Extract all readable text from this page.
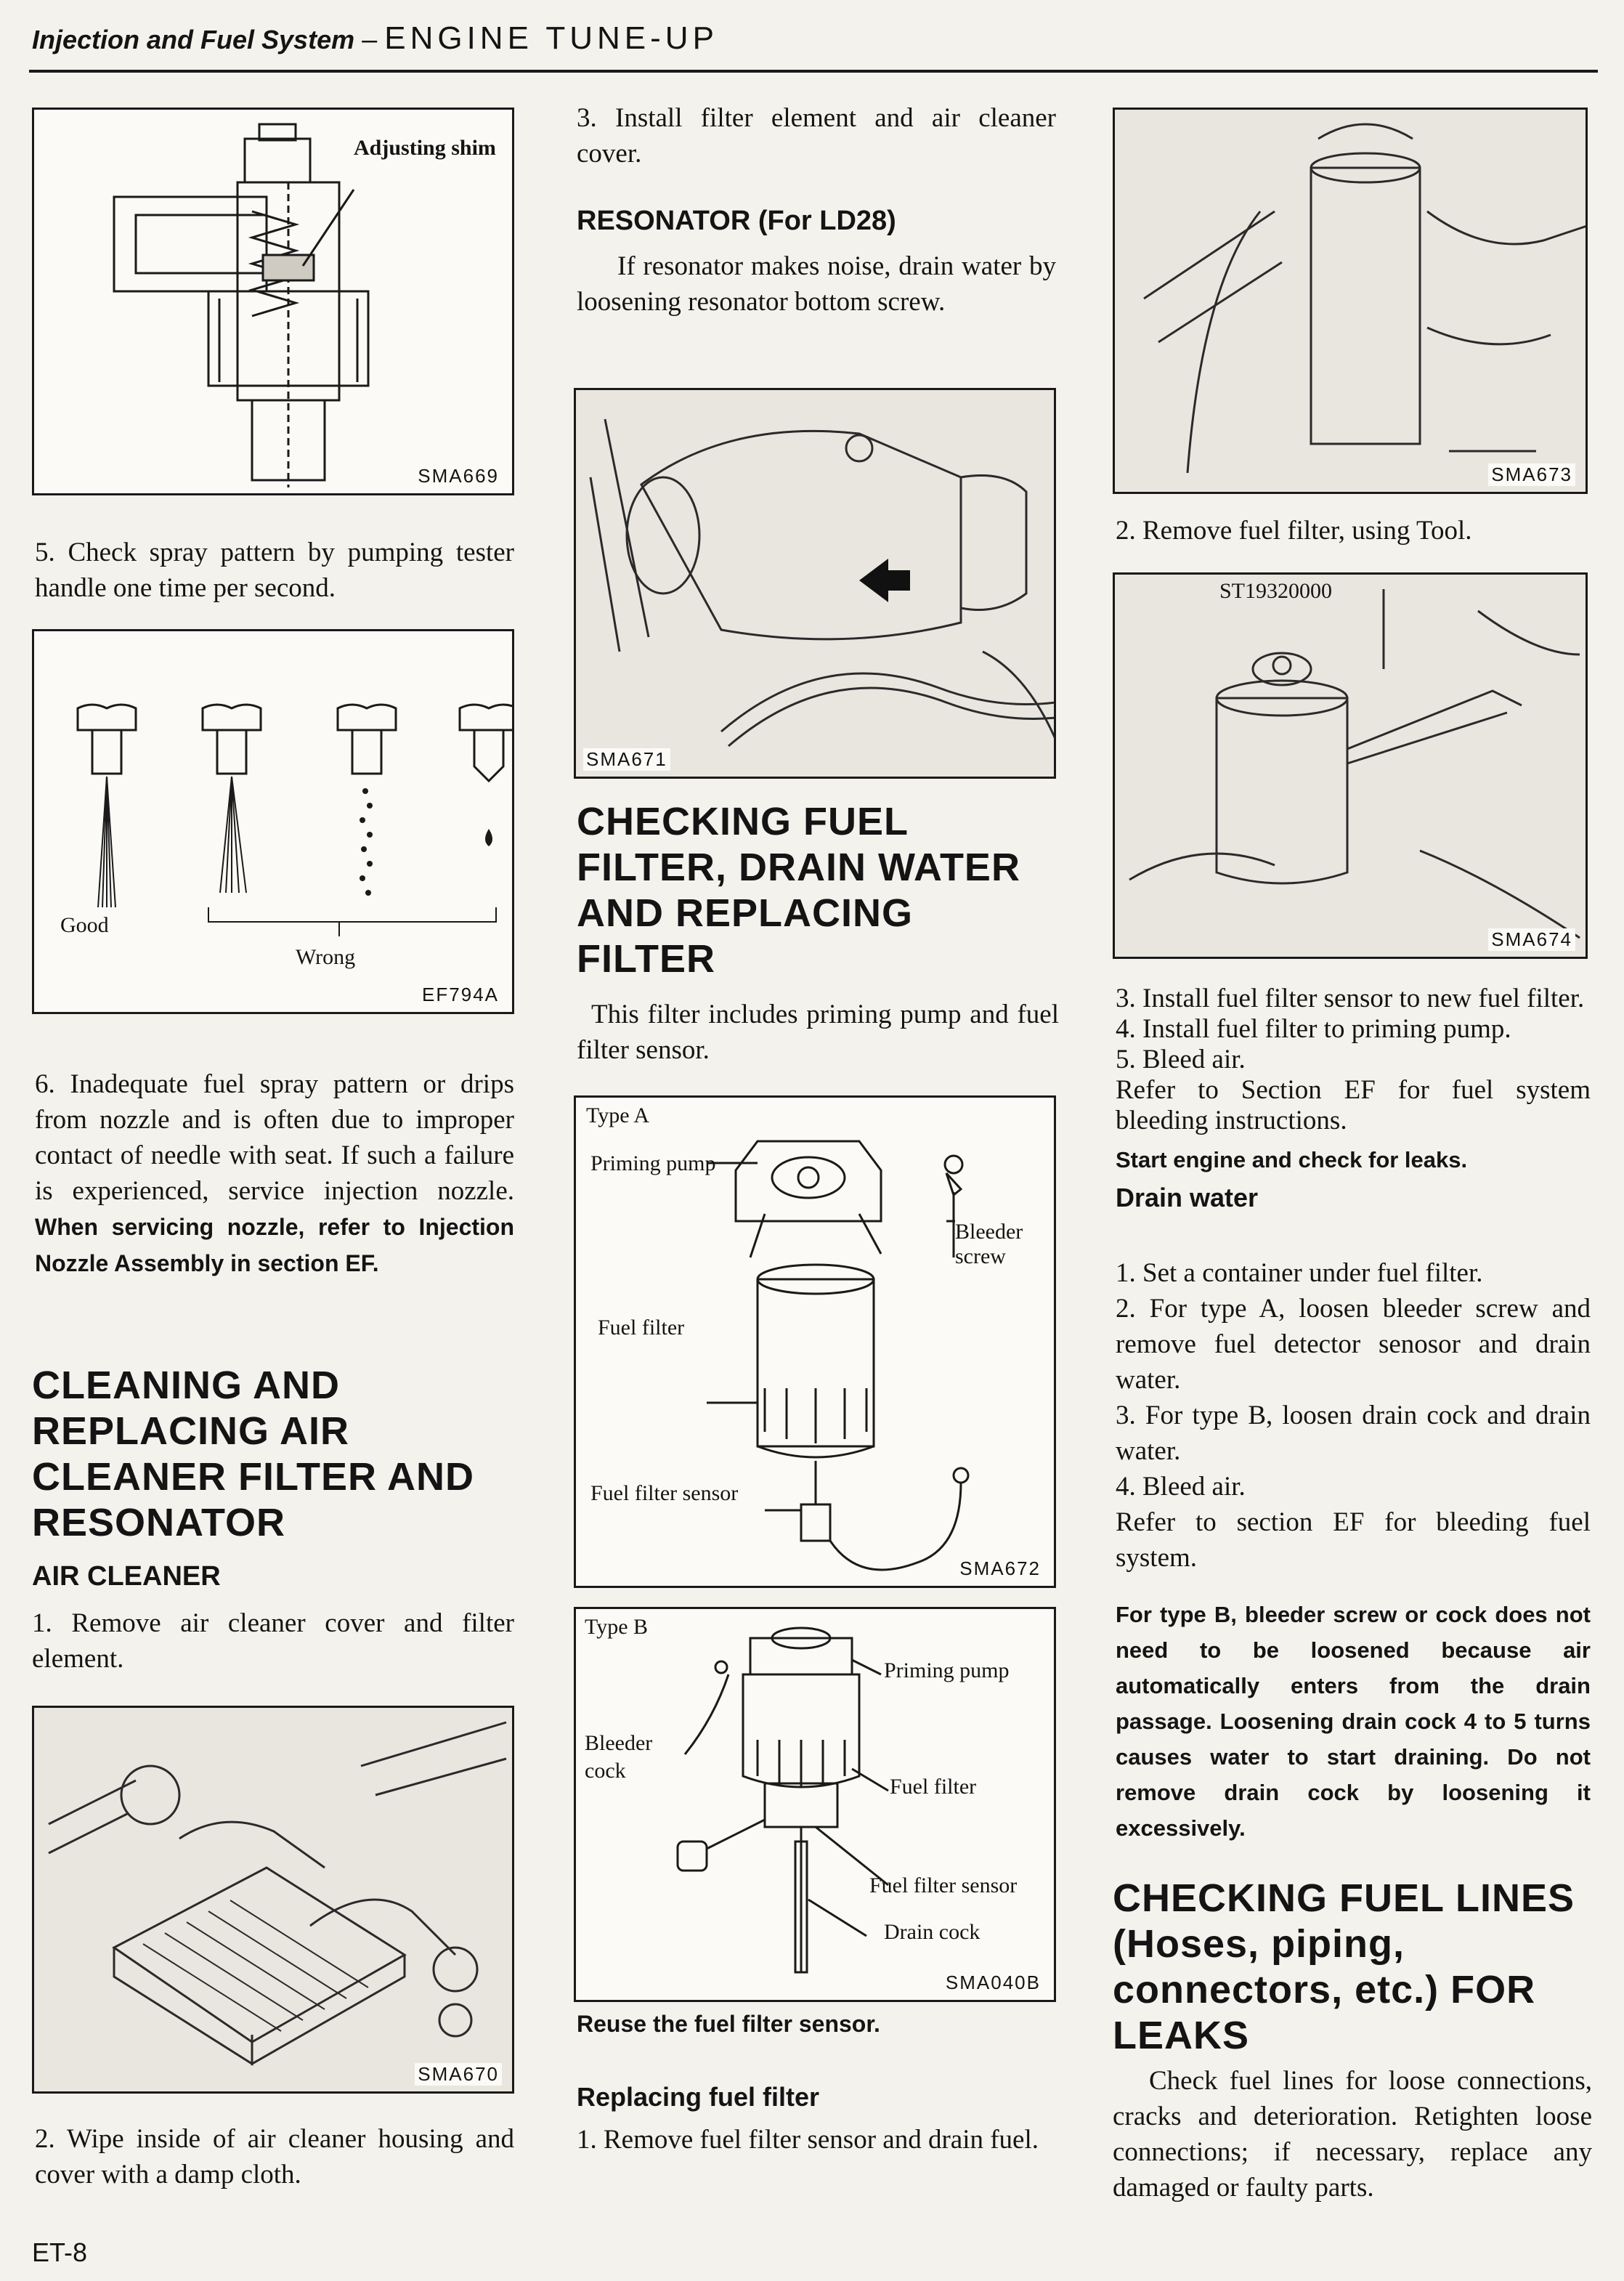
Injection and Fuel System – ENGINE TUNE-UP
Adjusting shim
SMA669

5. Check spray pattern by pumping tester handle one time per second.

Good
Wrong
EF794A

6. Inadequate fuel spray pattern or drips from nozzle and is often due to improper contact of needle with seat. If such a failure is experienced, service injection nozzle. When servicing nozzle, refer to Injection Nozzle Assembly in section EF.

CLEANING AND REPLACING AIR CLEANER FILTER AND RESONATOR
AIR CLEANER
1. Remove air cleaner cover and filter element.
SMA670

2. Wipe inside of air cleaner housing and cover with a damp cloth.

3. Install filter element and air cleaner cover.
RESONATOR (For LD28)
If resonator makes noise, drain water by loosening resonator bottom screw.
SMA671
CHECKING FUEL FILTER, DRAIN WATER AND REPLACING FILTER
This filter includes priming pump and fuel filter sensor.
Type A
Priming pump
Bleeder
screw
Fuel filter
Fuel filter sensor
SMA672
Type B
Priming pump
Bleeder
cock
Fuel filter
Fuel filter sensor
Drain cock
SMA040B
Reuse the fuel filter sensor.
Replacing fuel filter
1. Remove fuel filter sensor and drain fuel.
SMA673

2. Remove fuel filter, using Tool.

ST19320000
SMA674
3. Install fuel filter sensor to new fuel filter.
4. Install fuel filter to priming pump.
5. Bleed air.
Refer to Section EF for fuel system bleeding instructions.
Start engine and check for leaks.
Drain water
1. Set a container under fuel filter.
2. For type A, loosen bleeder screw and remove fuel detector senosor and drain water.
3. For type B, loosen drain cock and drain water.
4. Bleed air.
Refer to section EF for bleeding fuel system.
For type B, bleeder screw or cock does not need to be loosened because air automatically enters from the drain passage. Loosening drain cock 4 to 5 turns causes water to start draining. Do not remove drain cock by loosening it excessively.
CHECKING FUEL LINES (Hoses, piping, connectors, etc.) FOR LEAKS
Check fuel lines for loose connections, cracks and deterioration. Retighten loose connections; if necessary, replace any damaged or faulty parts.
ET-8
